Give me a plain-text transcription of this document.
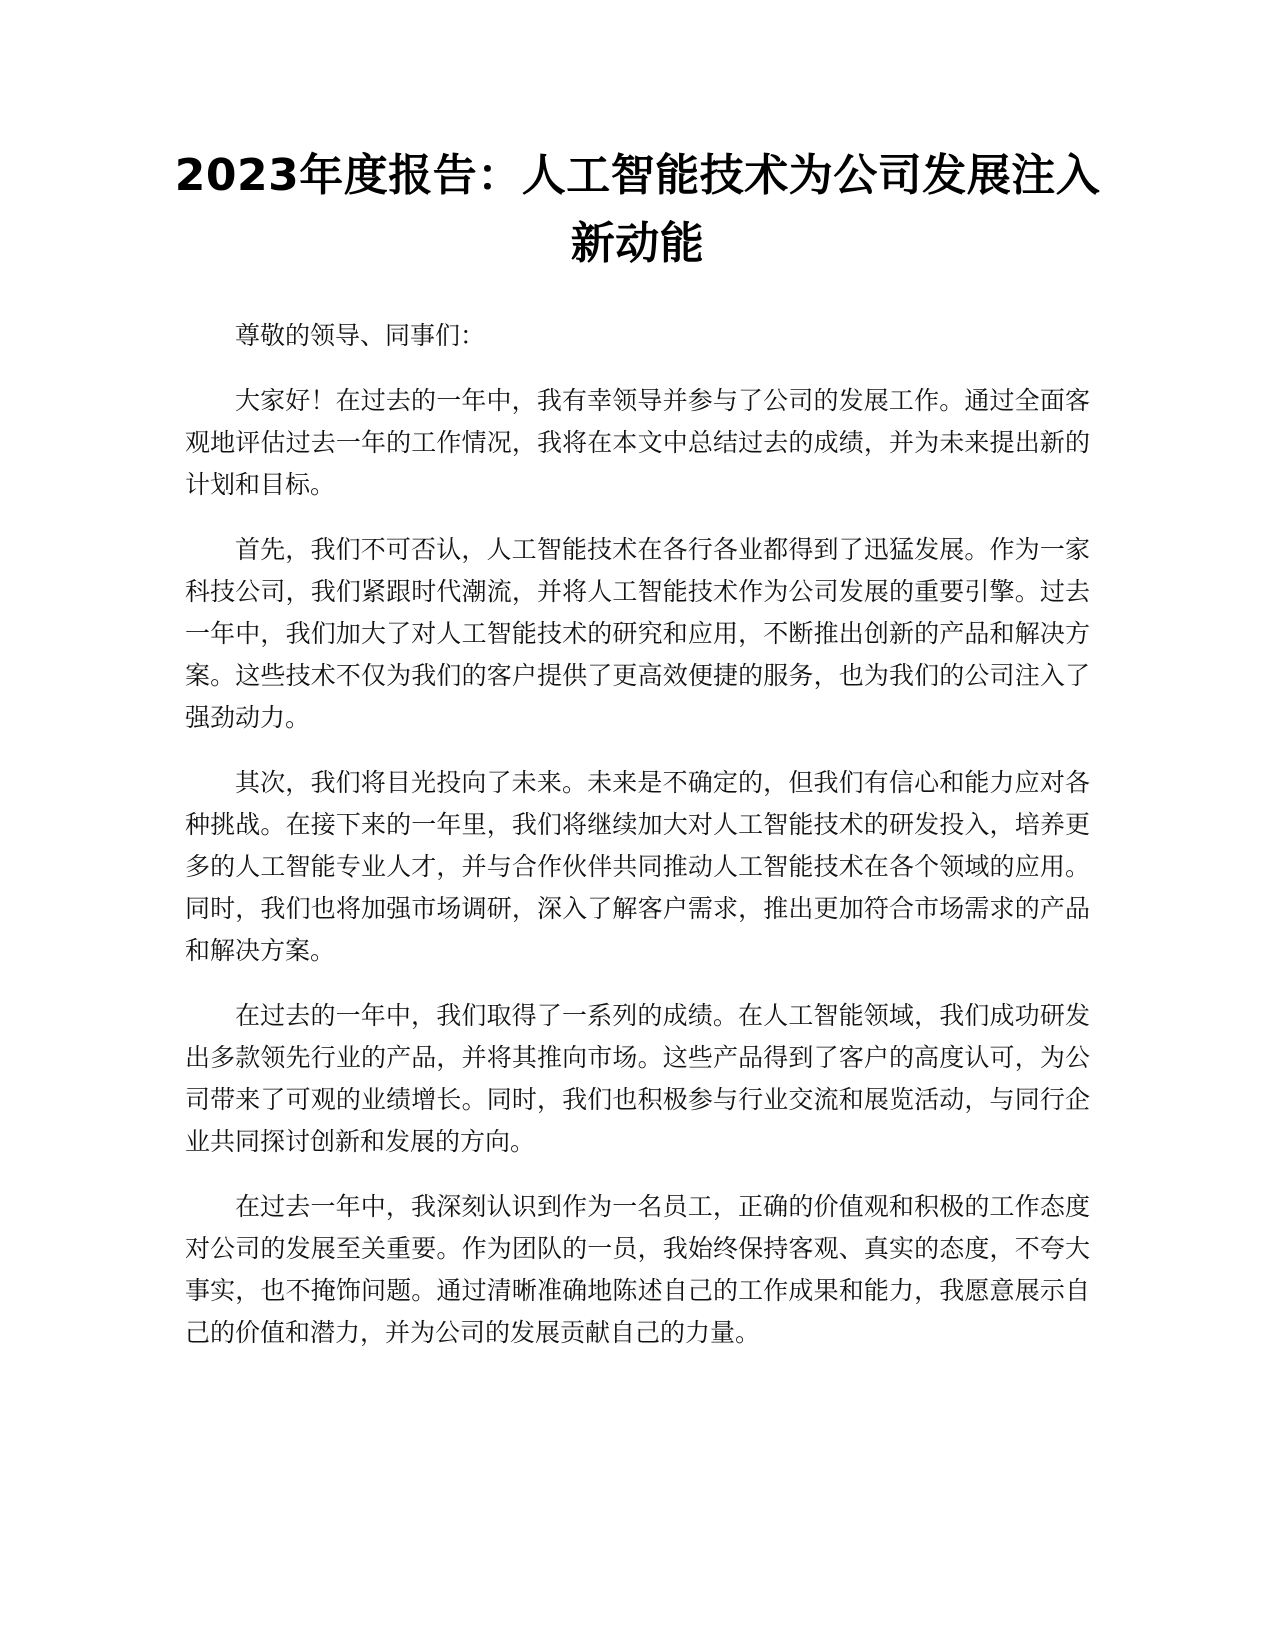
2023年度报告：人工智能技术为公司发展注入新动能

尊敬的领导、同事们：

大家好！在过去的一年中，我有幸领导并参与了公司的发展工作。通过全面客观地评估过去一年的工作情况，我将在本文中总结过去的成绩，并为未来提出新的计划和目标。

首先，我们不可否认，人工智能技术在各行各业都得到了迅猛发展。作为一家科技公司，我们紧跟时代潮流，并将人工智能技术作为公司发展的重要引擎。过去一年中，我们加大了对人工智能技术的研究和应用，不断推出创新的产品和解决方案。这些技术不仅为我们的客户提供了更高效便捷的服务，也为我们的公司注入了强劲动力。

其次，我们将目光投向了未来。未来是不确定的，但我们有信心和能力应对各种挑战。在接下来的一年里，我们将继续加大对人工智能技术的研发投入，培养更多的人工智能专业人才，并与合作伙伴共同推动人工智能技术在各个领域的应用。同时，我们也将加强市场调研，深入了解客户需求，推出更加符合市场需求的产品和解决方案。

在过去的一年中，我们取得了一系列的成绩。在人工智能领域，我们成功研发出多款领先行业的产品，并将其推向市场。这些产品得到了客户的高度认可，为公司带来了可观的业绩增长。同时，我们也积极参与行业交流和展览活动，与同行企业共同探讨创新和发展的方向。

在过去一年中，我深刻认识到作为一名员工，正确的价值观和积极的工作态度对公司的发展至关重要。作为团队的一员，我始终保持客观、真实的态度，不夸大事实，也不掩饰问题。通过清晰准确地陈述自己的工作成果和能力，我愿意展示自己的价值和潜力，并为公司的发展贡献自己的力量。
